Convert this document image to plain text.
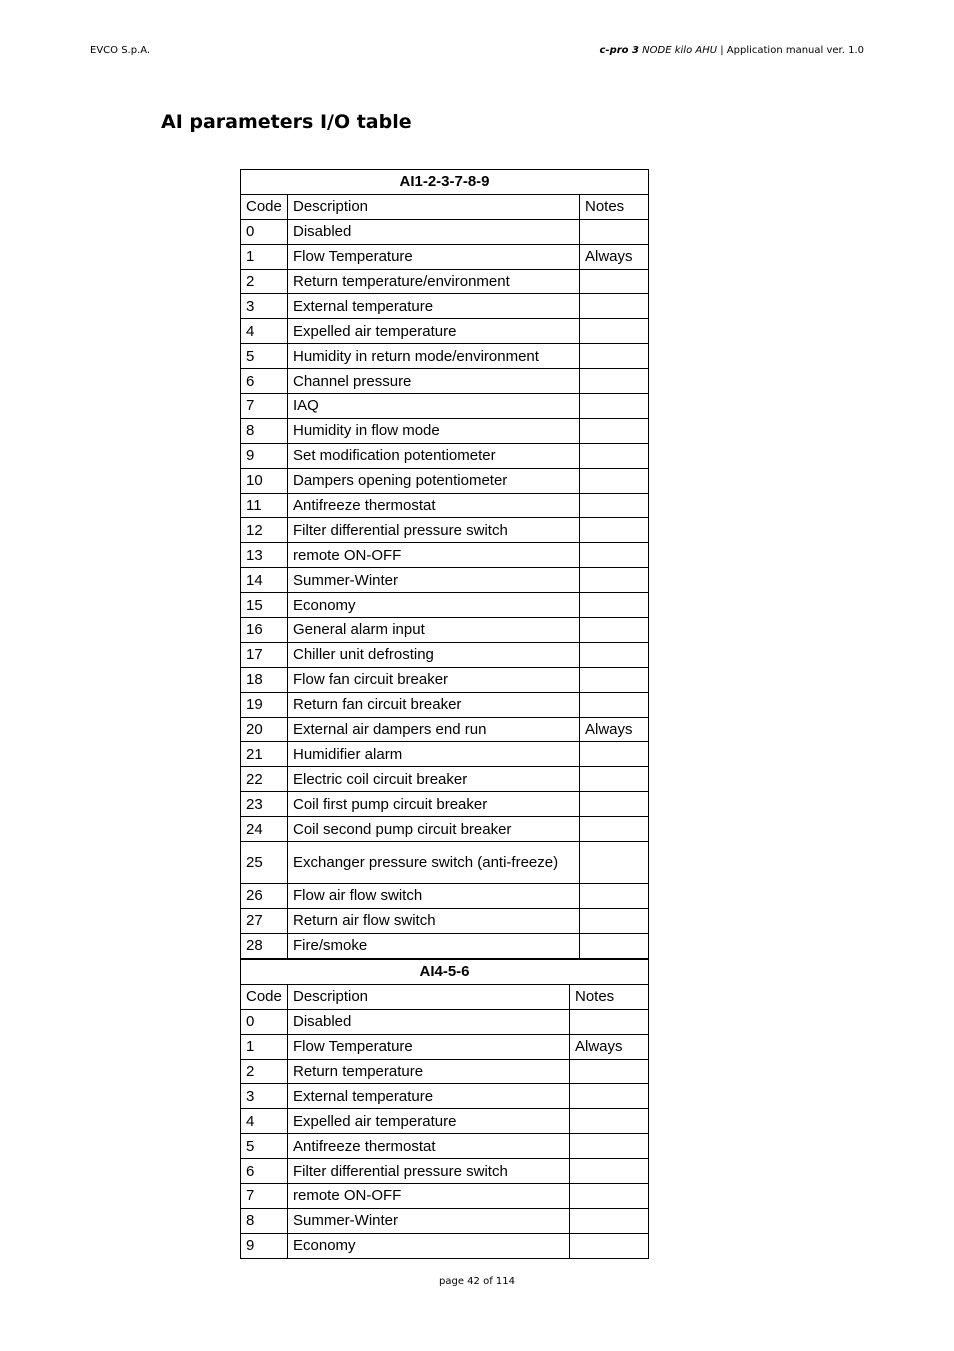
EVCO S.p.A.	c-pro 3 NODE kilo AHU | Application manual ver. 1.0
AI parameters I/O table
AI1-2-3-7-8-9		
Code	Description	Notes
0	Disabled	
1	Flow Temperature	Always
2	Return temperature/environment	
3	External temperature	
4	Expelled air temperature	
5	Humidity in return mode/environment	
6	Channel pressure	
7	IAQ	
8	Humidity in flow mode	
9	Set modification potentiometer	
10	Dampers opening potentiometer	
11	Antifreeze thermostat	
12	Filter differential pressure switch	
13	remote ON-OFF	
14	Summer-Winter	
15	Economy	
16	General alarm input	
17	Chiller unit defrosting	
18	Flow fan circuit breaker	
19	Return fan circuit breaker	
20	External air dampers end run	Always
21	Humidifier alarm	
22	Electric coil circuit breaker	
23	Coil first pump circuit breaker	
24	Coil second pump circuit breaker	
25	Exchanger pressure switch (anti-freeze)	
26	Flow air flow switch	
27	Return air flow switch	
28	Fire/smoke	
AI4-5-6		
Code	Description	Notes
0	Disabled	
1	Flow Temperature	Always
2	Return temperature	
3	External temperature	
4	Expelled air temperature	
5	Antifreeze thermostat	
6	Filter differential pressure switch	
7	remote ON-OFF	
8	Summer-Winter	
9	Economy	
page 42 of 114
